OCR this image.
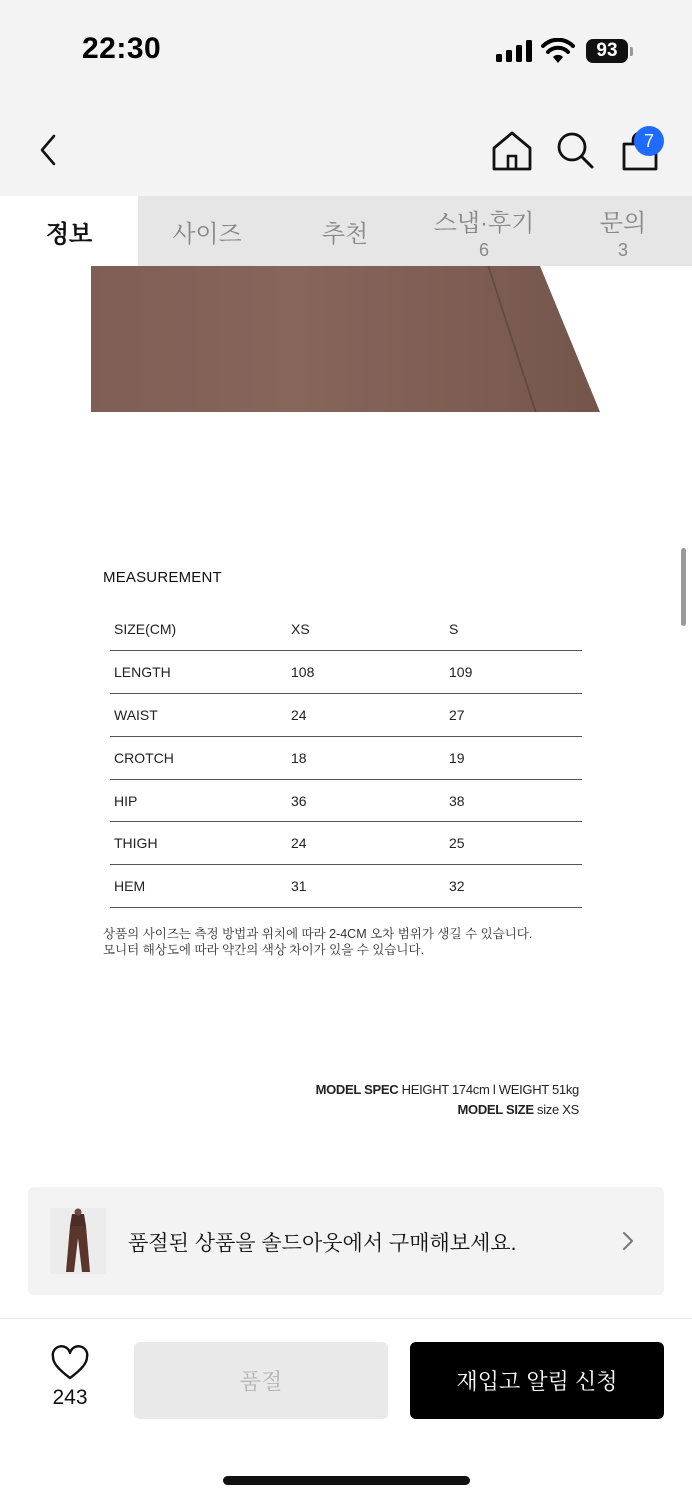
22:30	93
7
정보	사이즈	추천	스냅·후기
6
문의
3
MEASUREMENT
SIZE(CM)	XS	S
LENGTH	108	109
WAIST	24	27
CROTCH	18	19
HIP	36	38
THIGH	24	25
HEM	31	32
상품의 사이즈는 측정 방법과 위치에 따라 2-4CM 오차 범위가 생길 수 있습니다.
모니터 해상도에 따라 약간의 색상 차이가 있을 수 있습니다.
MODEL SPEC HEIGHT 174cm l WEIGHT 51kg
MODEL SIZE size XS
품절된 상품을 솔드아웃에서 구매해보세요.
243
품절	재입고 알림 신청
